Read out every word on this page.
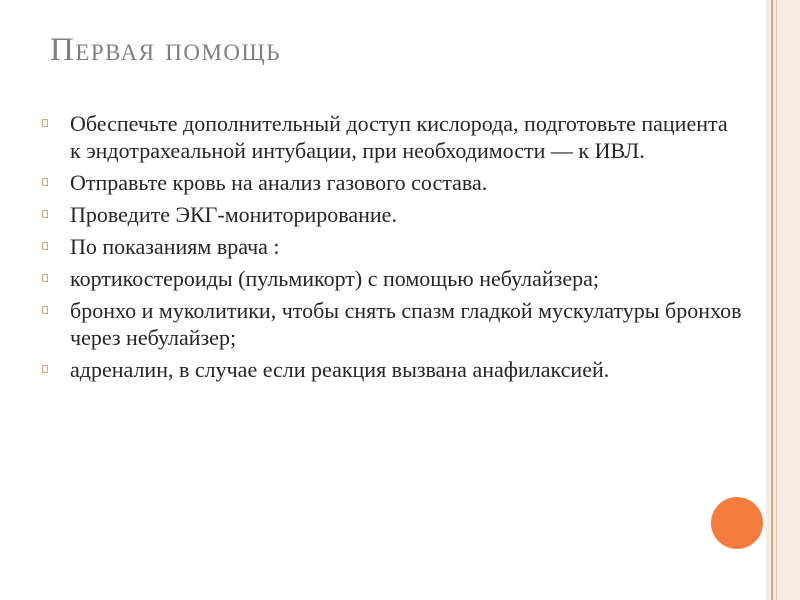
Первая помощь
Обеспечьте дополнительный доступ кислорода, подготовьте пациента к эндотрахеальной интубации, при необходимости — к ИВЛ.
Отправьте кровь на анализ газового состава.
Проведите ЭКГ-мониторирование.
По показаниям врача :
кортикостероиды (пульмикорт) с помощью небулайзера;
бронхо и муколитики, чтобы снять спазм гладкой мускулатуры бронхов через небулайзер;
адреналин, в случае если реакция вызвана анафилаксией.
